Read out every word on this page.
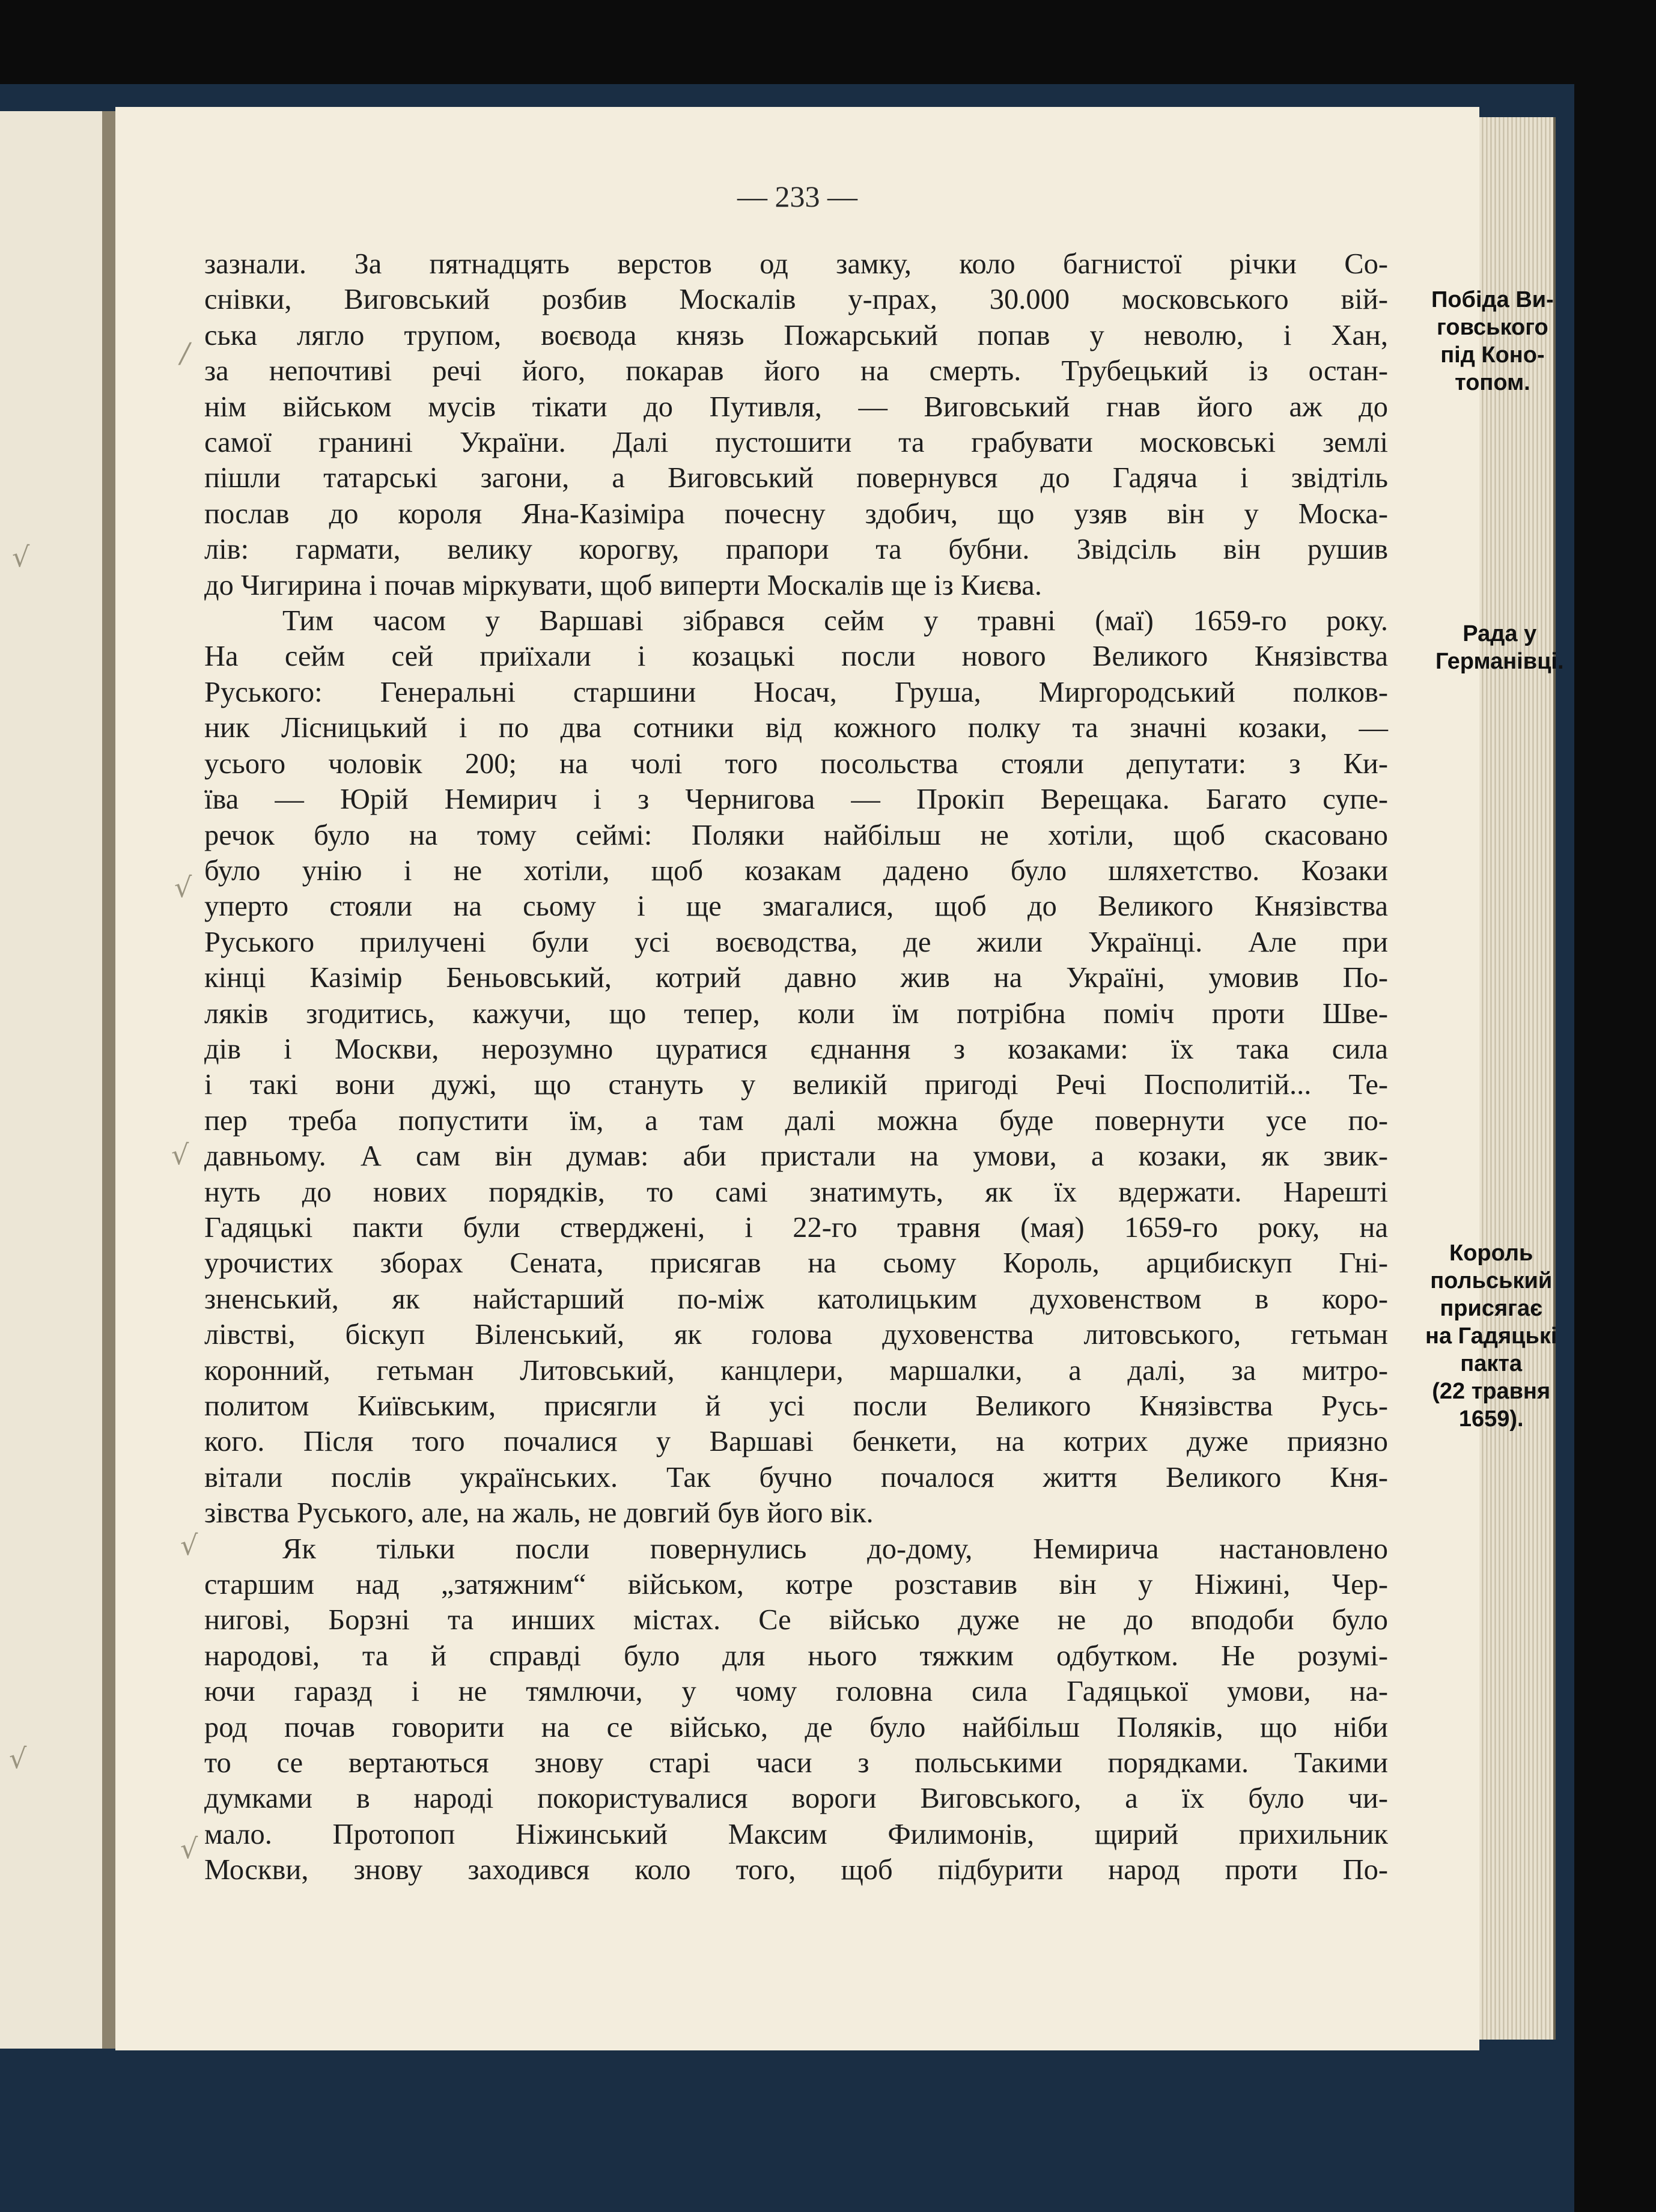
— 233 —
зазнали. За пятнадцять верстов од замку, коло багнистої річки Со-
снівки, Виговський розбив Москалів у-прах, 30.000 московського вій-
ська лягло трупом, воєвода князь Пожарський попав у неволю, і Хан,
за непочтиві речі його, покарав його на смерть. Трубецький із остан-
нім військом мусів тікати до Путивля, — Виговський гнав його аж до
самої гранині України. Далі пустошити та грабувати московські землі
пішли татарські загони, а Виговський повернувся до Гадяча і звідтіль
послав до короля Яна-Казіміра почесну здобич, що узяв він у Моска-
лів: гармати, велику корогву, прапори та бубни. Звідсіль він рушив
до Чигирина і почав міркувати, щоб виперти Москалів ще із Києва.
Тим часом у Варшаві зібрався сейм у травні (маї) 1659-го року.
На сейм сей приїхали і козацькі посли нового Великого Князівства
Руського: Генеральні старшини Носач, Груша, Миргородський полков-
ник Лісницький і по два сотники від кожного полку та значні козаки, —
усього чоловік 200; на чолі того посольства стояли депутати: з Ки-
їва — Юрій Немирич і з Чернигова — Прокіп Верещака. Багато супе-
речок було на тому сеймі: Поляки найбільш не хотіли, щоб скасовано
було унію і не хотіли, щоб козакам дадено було шляхетство. Козаки
уперто стояли на сьому і ще змагалися, щоб до Великого Князівства
Руського прилучені були усі воєводства, де жили Українці. Але при
кінці Казімір Беньовський, котрий давно жив на Україні, умовив По-
ляків згодитись, кажучи, що тепер, коли їм потрібна поміч проти Шве-
дів і Москви, нерозумно цуратися єднання з козаками: їх така сила
і такі вони дужі, що стануть у великій пригоді Речі Посполитій... Те-
пер треба попустити їм, а там далі можна буде повернути усе по-
давньому. А сам він думав: аби пристали на умови, а козаки, як звик-
нуть до нових порядків, то самі знатимуть, як їх вдержати. Нарешті
Гадяцькі пакти були стверджені, і 22-го травня (мая) 1659-го року, на
урочистих зборах Сената, присягав на сьому Король, арцибискуп Гні-
зненський, як найстарший по-між католицьким духовенством в коро-
лівстві, біскуп Віленський, як голова духовенства литовського, гетьман
коронний, гетьман Литовський, канцлери, маршалки, а далі, за митро-
политом Київським, присягли й усі посли Великого Князівства Русь-
кого. Після того почалися у Варшаві бенкети, на котрих дуже приязно
вітали послів українських. Так бучно почалося життя Великого Кня-
зівства Руського, але, на жаль, не довгий був його вік.
Як тільки посли повернулись до-дому, Немирича настановлено
старшим над „затяжним“ військом, котре розставив він у Ніжині, Чер-
нигові, Борзні та инших містах. Се військо дуже не до вподоби було
народові, та й справді було для нього тяжким одбутком. Не розумі-
ючи гаразд і не тямлючи, у чому головна сила Гадяцької умови, на-
род почав говорити на се військо, де було найбільш Поляків, що ніби
то се вертаються знову старі часи з польськими порядками. Такими
думками в народі покористувалися вороги Виговського, а їх було чи-
мало. Протопоп Ніжинський Максим Филимонів, щирий прихильник
Москви, знову заходився коло того, щоб підбурити народ проти По-
Побіда Ви-
говського
під Коно-
топом.
Рада у
Германівці.
Король
польський
присягає
на Гадяцькі
пакта
(22 травня
1659).
/
√
√
√
√
√
√
